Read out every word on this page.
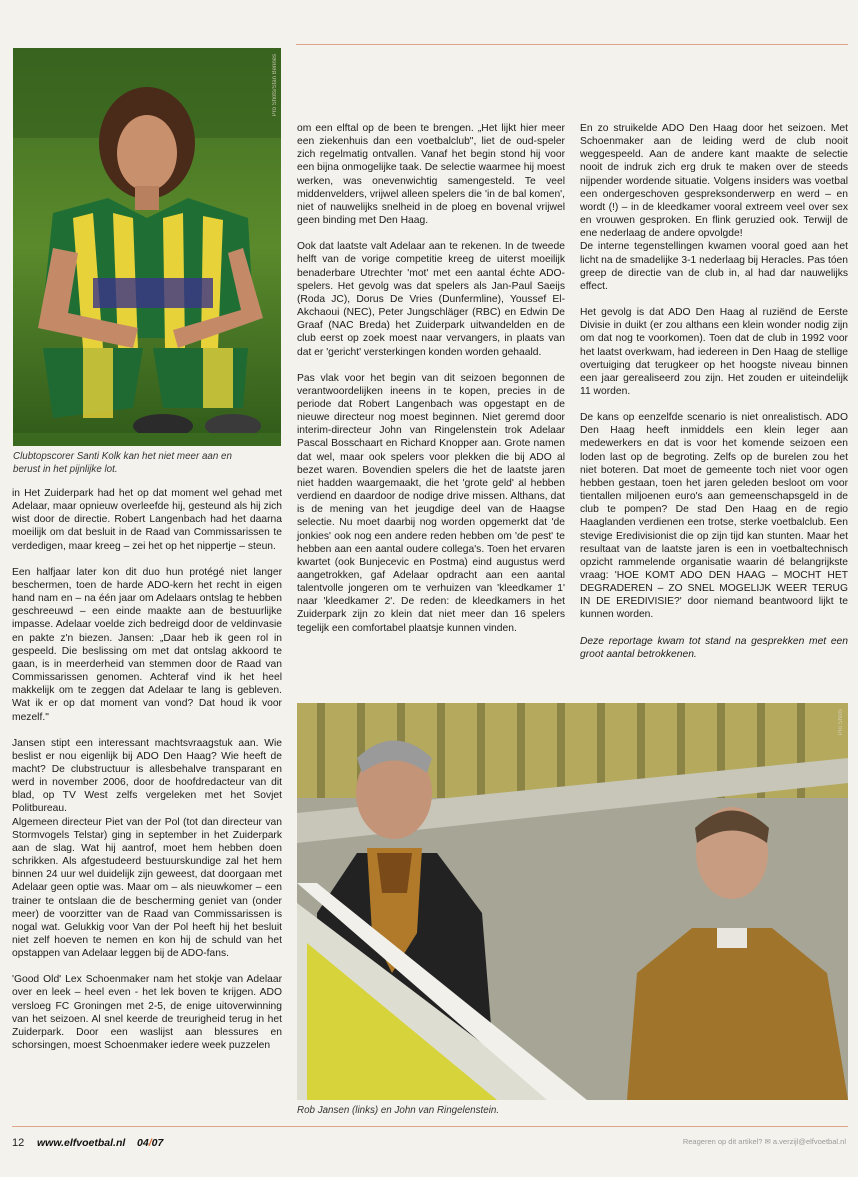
Pro Shots/Stan Bennes
Clubtopscorer Santi Kolk kan het niet meer aan en berust in het pijnlijke lot.

in Het Zuiderpark had het op dat moment wel gehad met Adelaar, maar opnieuw overleefde hij, gesteund als hij zich wist door de directie. Robert Langenbach had het daarna moeilijk om dat besluit in de Raad van Commissarissen te verdedigen, maar kreeg – zei het op het nippertje – steun.

Een halfjaar later kon dit duo hun protégé niet langer beschermen, toen de harde ADO-kern het recht in eigen hand nam en – na één jaar om Adelaars ontslag te hebben geschreeuwd – een einde maakte aan de bestuurlijke impasse. Adelaar voelde zich bedreigd door de veldinvasie en pakte z'n biezen. Jansen: „Daar heb ik geen rol in gespeeld. Die beslissing om met dat ontslag akkoord te gaan, is in meerderheid van stemmen door de Raad van Commissarissen genomen. Achteraf vind ik het heel makkelijk om te zeggen dat Adelaar te lang is gebleven. Wat ik er op dat moment van vond? Dat houd ik voor mezelf."

Jansen stipt een interessant machtsvraagstuk aan. Wie beslist er nou eigenlijk bij ADO Den Haag? Wie heeft de macht? De clubstructuur is allesbehalve transparant en werd in november 2006, door de hoofdredacteur van dit blad, op TV West zelfs vergeleken met het Sovjet Politbureau.
Algemeen directeur Piet van der Pol (tot dan directeur van Stormvogels Telstar) ging in september in het Zuiderpark aan de slag. Wat hij aantrof, moet hem hebben doen schrikken. Als afgestudeerd bestuurskundige zal het hem binnen 24 uur wel duidelijk zijn geweest, dat doorgaan met Adelaar geen optie was. Maar om – als nieuwkomer – een trainer te ontslaan die de bescherming geniet van (onder meer) de voorzitter van de Raad van Commissarissen is nogal wat. Gelukkig voor Van der Pol heeft hij het besluit niet zelf hoeven te nemen en kon hij de schuld van het opstappen van Adelaar leggen bij de ADO-fans.

'Good Old' Lex Schoenmaker nam het stokje van Adelaar over en leek – heel even - het lek boven te krijgen. ADO versloeg FC Groningen met 2-5, de enige uitoverwinning van het seizoen. Al snel keerde de treurigheid terug in het Zuiderpark. Door een waslijst aan blessures en schorsingen, moest Schoenmaker iedere week puzzelen

om een elftal op de been te brengen. „Het lijkt hier meer een ziekenhuis dan een voetbalclub", liet de oud-speler zich regelmatig ontvallen. Vanaf het begin stond hij voor een bijna onmogelijke taak. De selectie waarmee hij moest werken, was onevenwichtig samengesteld. Te veel middenvelders, vrijwel alleen spelers die 'in de bal komen', niet of nauwelijks snelheid in de ploeg en bovenal vrijwel geen binding met Den Haag.

Ook dat laatste valt Adelaar aan te rekenen. In de tweede helft van de vorige competitie kreeg de uiterst moeilijk benaderbare Utrechter 'mot' met een aantal échte ADO-spelers. Het gevolg was dat spelers als Jan-Paul Saeijs (Roda JC), Dorus De Vries (Dunfermline), Youssef El-Akchaoui (NEC), Peter Jungschläger (RBC) en Edwin De Graaf (NAC Breda) het Zuiderpark uitwandelden en de club eerst op zoek moest naar vervangers, in plaats van dat er 'gericht' versterkingen konden worden gehaald.

Pas vlak voor het begin van dit seizoen begonnen de verantwoordelijken ineens in te kopen, precies in de periode dat Robert Langenbach was opgestapt en de nieuwe directeur nog moest beginnen. Niet geremd door interim-directeur John van Ringelenstein trok Adelaar Pascal Bosschaart en Richard Knopper aan. Grote namen dat wel, maar ook spelers voor plekken die bij ADO al bezet waren. Bovendien spelers die het de laatste jaren niet hadden waargemaakt, die het 'grote geld' al hebben verdiend en daardoor de nodige drive missen. Althans, dat is de mening van het jeugdige deel van de Haagse selectie. Nu moet daarbij nog worden opgemerkt dat 'de jonkies' ook nog een andere reden hebben om 'de pest' te hebben aan een aantal oudere collega's. Toen het ervaren kwartet (ook Bunjecevic en Postma) eind augustus werd aangetrokken, gaf Adelaar opdracht aan een aantal talentvolle jongeren om te verhuizen van 'kleedkamer 1' naar 'kleedkamer 2'. De reden: de kleedkamers in het Zuiderpark zijn zo klein dat niet meer dan 16 spelers tegelijk een comfortabel plaatsje kunnen vinden.

En zo struikelde ADO Den Haag door het seizoen. Met Schoenmaker aan de leiding werd de club nooit weggespeeld. Aan de andere kant maakte de selectie nooit de indruk zich erg druk te maken over de steeds nijpender wordende situatie. Volgens insiders was voetbal een ondergeschoven gespreksonderwerp en werd – en wordt (!) – in de kleedkamer vooral extreem veel over sex en vrouwen gesproken. En flink geruzied ook. Terwijl de ene nederlaag de andere opvolgde!
De interne tegenstellingen kwamen vooral goed aan het licht na de smadelijke 3-1 nederlaag bij Heracles. Pas tóen greep de directie van de club in, al had dar nauwelijks effect.

Het gevolg is dat ADO Den Haag al ruziënd de Eerste Divisie in duikt (er zou althans een klein wonder nodig zijn om dat nog te voorkomen). Toen dat de club in 1992 voor het laatst overkwam, had iedereen in Den Haag de stellige overtuiging dat terugkeer op het hoogste niveau binnen een jaar gerealiseerd zou zijn. Het zouden er uiteindelijk 11 worden.

De kans op eenzelfde scenario is niet onrealistisch. ADO Den Haag heeft inmiddels een klein leger aan medewerkers en dat is voor het komende seizoen een loden last op de begroting. Zelfs op de burelen zou het niet boteren. Dat moet de gemeente toch niet voor ogen hebben gestaan, toen het jaren geleden besloot om voor tientallen miljoenen euro's aan gemeenschapsgeld in de club te pompen? De stad Den Haag en de regio Haaglanden verdienen een trotse, sterke voetbalclub. Een stevige Eredivisionist die op zijn tijd kan stunten. Maar het resultaat van de laatste jaren is een in voetbaltechnisch opzicht rammelende organisatie waarin dé belangrijkste vraag: 'HOE KOMT ADO DEN HAAG – MOCHT HET DEGRADEREN – ZO SNEL MOGELIJK WEER TERUG IN DE EREDIVISIE?' door niemand beantwoord lijkt te kunnen worden.

Deze reportage kwam tot stand na gesprekken met een groot aantal betrokkenen.

Pro Shots
Rob Jansen (links) en John van Ringelenstein.
12 www.elfvoetbal.nl 04/07	Reageren op dit artikel? ✉ a.verzijl@elfvoetbal.nl
